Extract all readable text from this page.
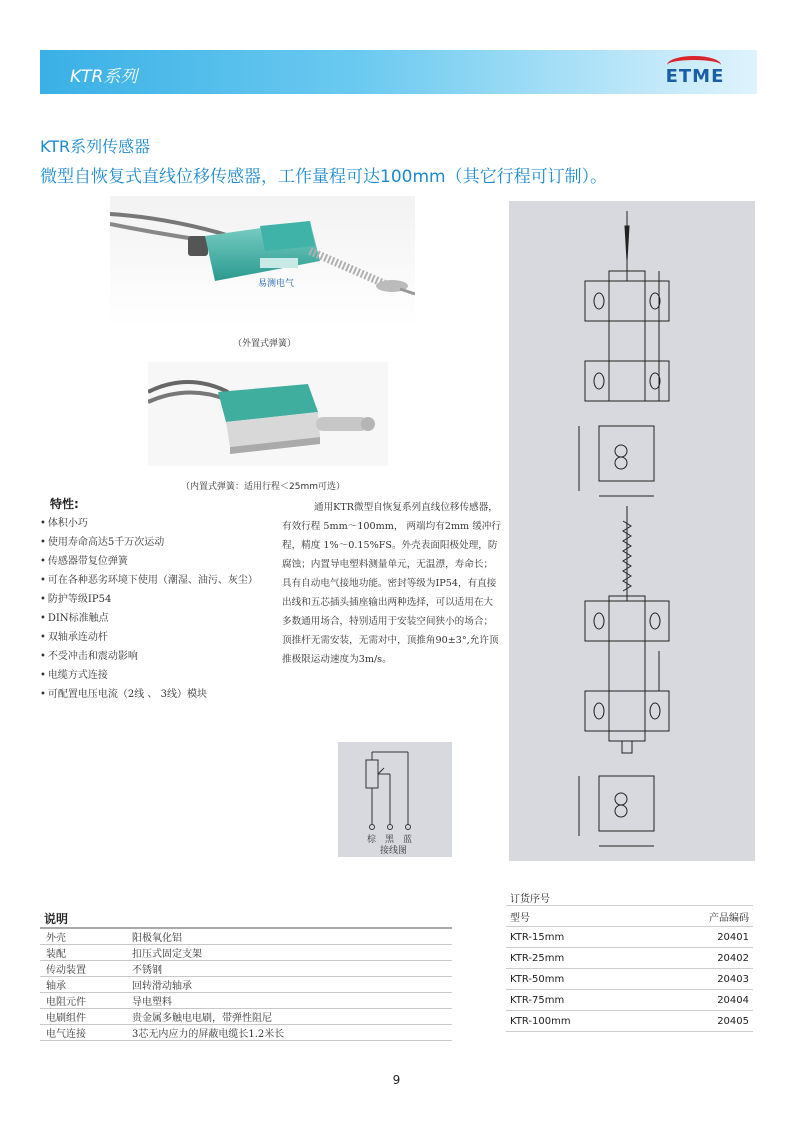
KTR系列	ETME
KTR系列传感器
微型自恢复式直线位移传感器，工作量程可达100mm（其它行程可订制）。
易测电气
（外置式弹簧）
（内置式弹簧：适用行程＜25mm可选）
特性:
• 体积小巧
• 使用寿命高达5千万次运动
• 传感器带复位弹簧
• 可在各种恶劣环境下使用（潮湿、油污、灰尘）
• 防护等级IP54
• DIN标准触点
• 双轴承连动杆
• 不受冲击和震动影响
• 电缆方式连接
• 可配置电压电流（2线 、 3线）模块

通用KTR微型自恢复系列直线位移传感器，有效行程 5mm～100mm， 两端均有2mm 缓冲行程，精度 1%～0.15%FS。外壳表面阳极处理，防腐蚀；内置导电塑料测量单元，无温漂，寿命长；具有自动电气接地功能。密封等级为IP54，有直接出线和五芯插头插座输出两种选择，可以适用在大多数通用场合，特别适用于安装空间狭小的场合；顶推杆无需安装，无需对中，顶推角90±3°,允许顶推极限运动速度为3m/s。

棕 黑 蓝
接线图
说明
外壳	阳极氧化铝
装配	扣压式固定支架
传动装置	不锈钢
轴承	回转滑动轴承
电阻元件	导电塑料
电刷组件	贵金属多触电电刷，带弹性阻尼
电气连接	3芯无内应力的屏蔽电缆长1.2米长
订货序号
型号	产品编码
KTR-15mm	20401
KTR-25mm	20402
KTR-50mm	20403
KTR-75mm	20404
KTR-100mm	20405
9
